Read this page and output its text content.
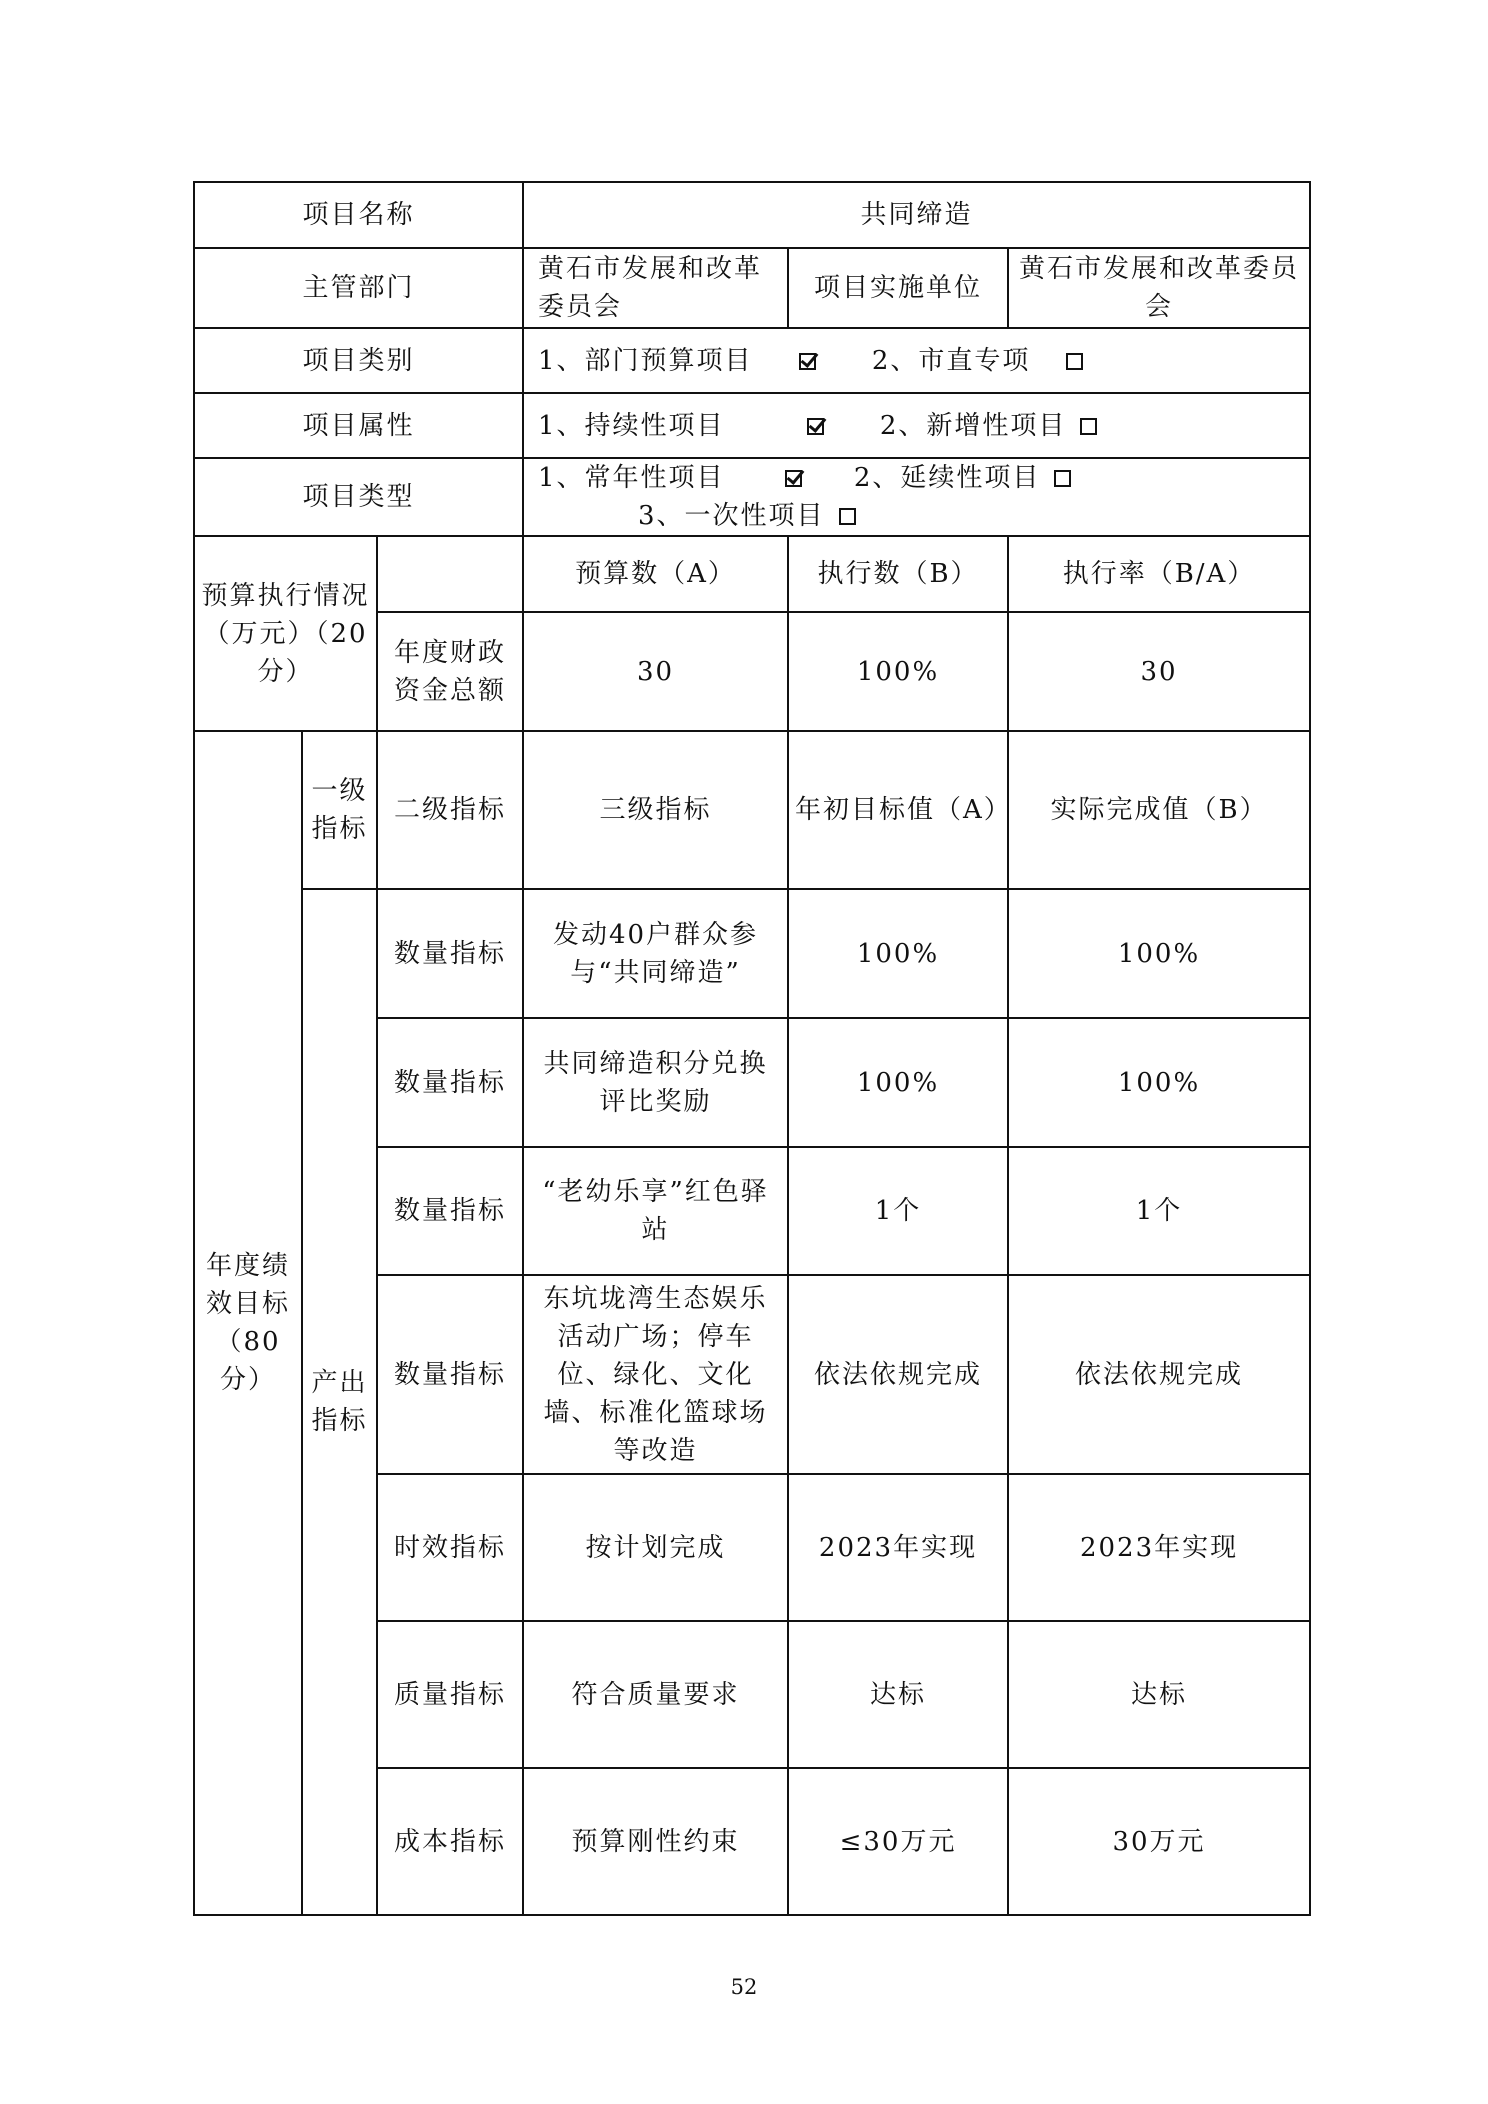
项目名称			共同缔造		
主管部门			黄石市发展和改革委员会	项目实施单位	黄石市发展和改革委员会
项目类别			1、部门预算项目 2、市直专项		
项目属性			1、持续性项目 2、新增性项目		
项目类型			1、常年性项目 2、延续性项目 3、一次性项目		
预算执行情况（万元）（20分）			预算数（A）	执行数（B）	执行率（B/A）
		年度财政资金总额	30	100%	30
年度绩效目标（80分）	一级指标	二级指标	三级指标	年初目标值（A）	实际完成值（B）
	产出指标	数量指标	发动40户群众参与“共同缔造”	100%	100%
		数量指标	共同缔造积分兑换评比奖励	100%	100%
		数量指标	“老幼乐享”红色驿站	1个	1个
		数量指标	东坑垅湾生态娱乐活动广场；停车位、绿化、文化墙、标准化篮球场等改造	依法依规完成	依法依规完成
		时效指标	按计划完成	2023年实现	2023年实现
		质量指标	符合质量要求	达标	达标
		成本指标	预算刚性约束	≤30万元	30万元
52
